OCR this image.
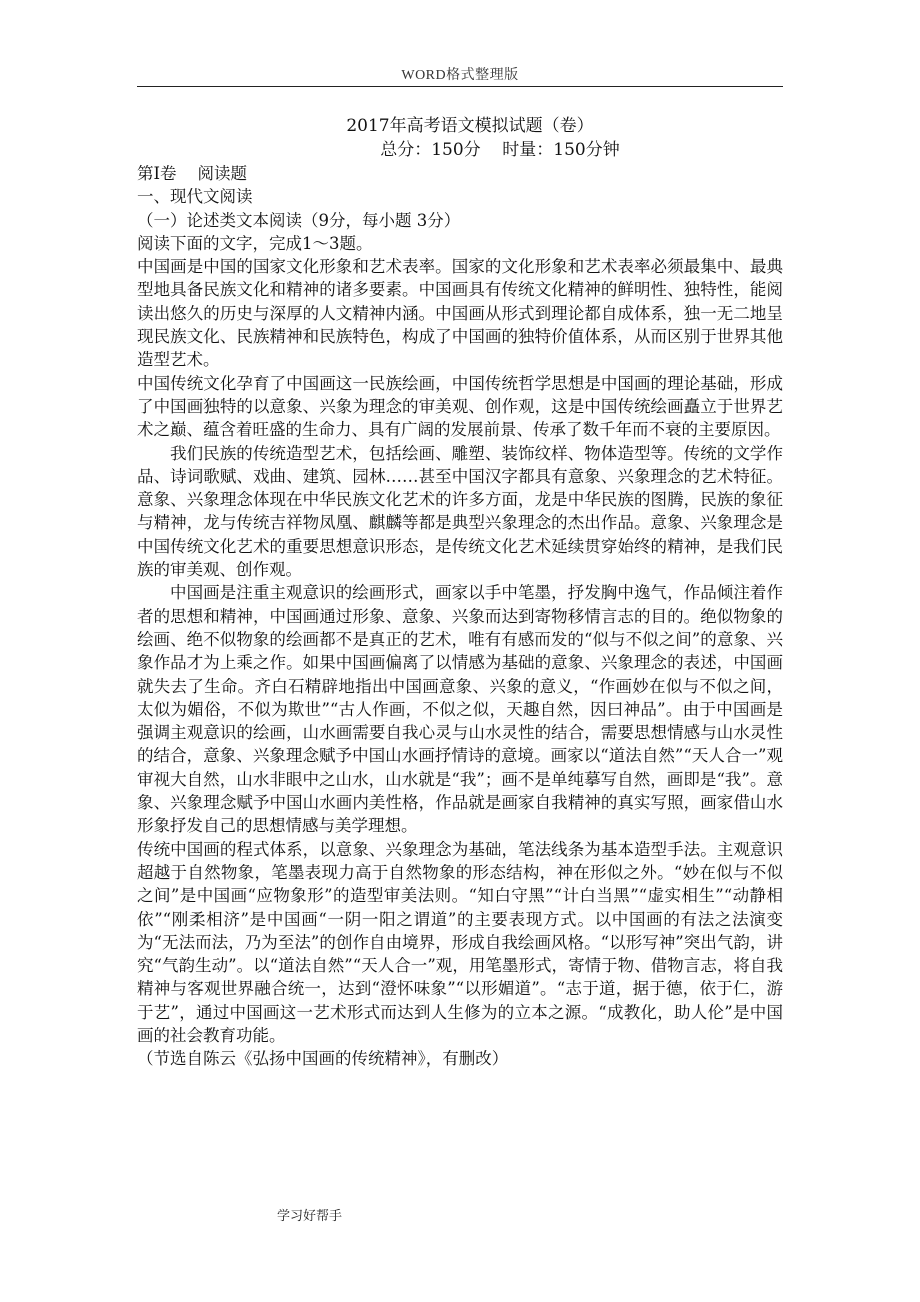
WORD格式整理版

2017年高考语文模拟试题（卷）

总分：150分    时量：150分钟

第Ⅰ卷    阅读题

一、现代文阅读

（一）论述类文本阅读（9分，每小题 3分）

阅读下面的文字，完成1～3题。

中国画是中国的国家文化形象和艺术表率。国家的文化形象和艺术表率必须最集中、最典型地具备民族文化和精神的诸多要素。中国画具有传统文化精神的鲜明性、独特性，能阅读出悠久的历史与深厚的人文精神内涵。中国画从形式到理论都自成体系，独一无二地呈现民族文化、民族精神和民族特色，构成了中国画的独特价值体系，从而区别于世界其他造型艺术。

中国传统文化孕育了中国画这一民族绘画，中国传统哲学思想是中国画的理论基础，形成了中国画独特的以意象、兴象为理念的审美观、创作观，这是中国传统绘画矗立于世界艺术之巅、蕴含着旺盛的生命力、具有广阔的发展前景、传承了数千年而不衰的主要原因。

我们民族的传统造型艺术，包括绘画、雕塑、装饰纹样、物体造型等。传统的文学作品、诗词歌赋、戏曲、建筑、园林……甚至中国汉字都具有意象、兴象理念的艺术特征。意象、兴象理念体现在中华民族文化艺术的许多方面，龙是中华民族的图腾，民族的象征与精神，龙与传统吉祥物凤凰、麒麟等都是典型兴象理念的杰出作品。意象、兴象理念是中国传统文化艺术的重要思想意识形态，是传统文化艺术延续贯穿始终的精神，是我们民族的审美观、创作观。

中国画是注重主观意识的绘画形式，画家以手中笔墨，抒发胸中逸气，作品倾注着作者的思想和精神，中国画通过形象、意象、兴象而达到寄物移情言志的目的。绝似物象的绘画、绝不似物象的绘画都不是真正的艺术，唯有有感而发的“似与不似之间”的意象、兴象作品才为上乘之作。如果中国画偏离了以情感为基础的意象、兴象理念的表述，中国画就失去了生命。齐白石精辟地指出中国画意象、兴象的意义，“作画妙在似与不似之间，太似为媚俗，不似为欺世”“古人作画，不似之似，天趣自然，因曰神品”。由于中国画是强调主观意识的绘画，山水画需要自我心灵与山水灵性的结合，需要思想情感与山水灵性的结合，意象、兴象理念赋予中国山水画抒情诗的意境。画家以“道法自然”“天人合一”观审视大自然，山水非眼中之山水，山水就是“我”；画不是单纯摹写自然，画即是“我”。意象、兴象理念赋予中国山水画内美性格，作品就是画家自我精神的真实写照，画家借山水形象抒发自己的思想情感与美学理想。

传统中国画的程式体系，以意象、兴象理念为基础，笔法线条为基本造型手法。主观意识超越于自然物象，笔墨表现力高于自然物象的形态结构，神在形似之外。“妙在似与不似之间”是中国画“应物象形”的造型审美法则。“知白守黑”“计白当黑”“虚实相生”“动静相依”“刚柔相济”是中国画“一阴一阳之谓道”的主要表现方式。以中国画的有法之法演变为“无法而法，乃为至法”的创作自由境界，形成自我绘画风格。“以形写神”突出气韵，讲究“气韵生动”。以“道法自然”“天人合一”观，用笔墨形式，寄情于物、借物言志，将自我精神与客观世界融合统一，达到“澄怀味象”“以形媚道”。“志于道，据于德，依于仁，游于艺”，通过中国画这一艺术形式而达到人生修为的立本之源。“成教化，助人伦”是中国画的社会教育功能。

（节选自陈云《弘扬中国画的传统精神》，有删改）

学习好帮手
